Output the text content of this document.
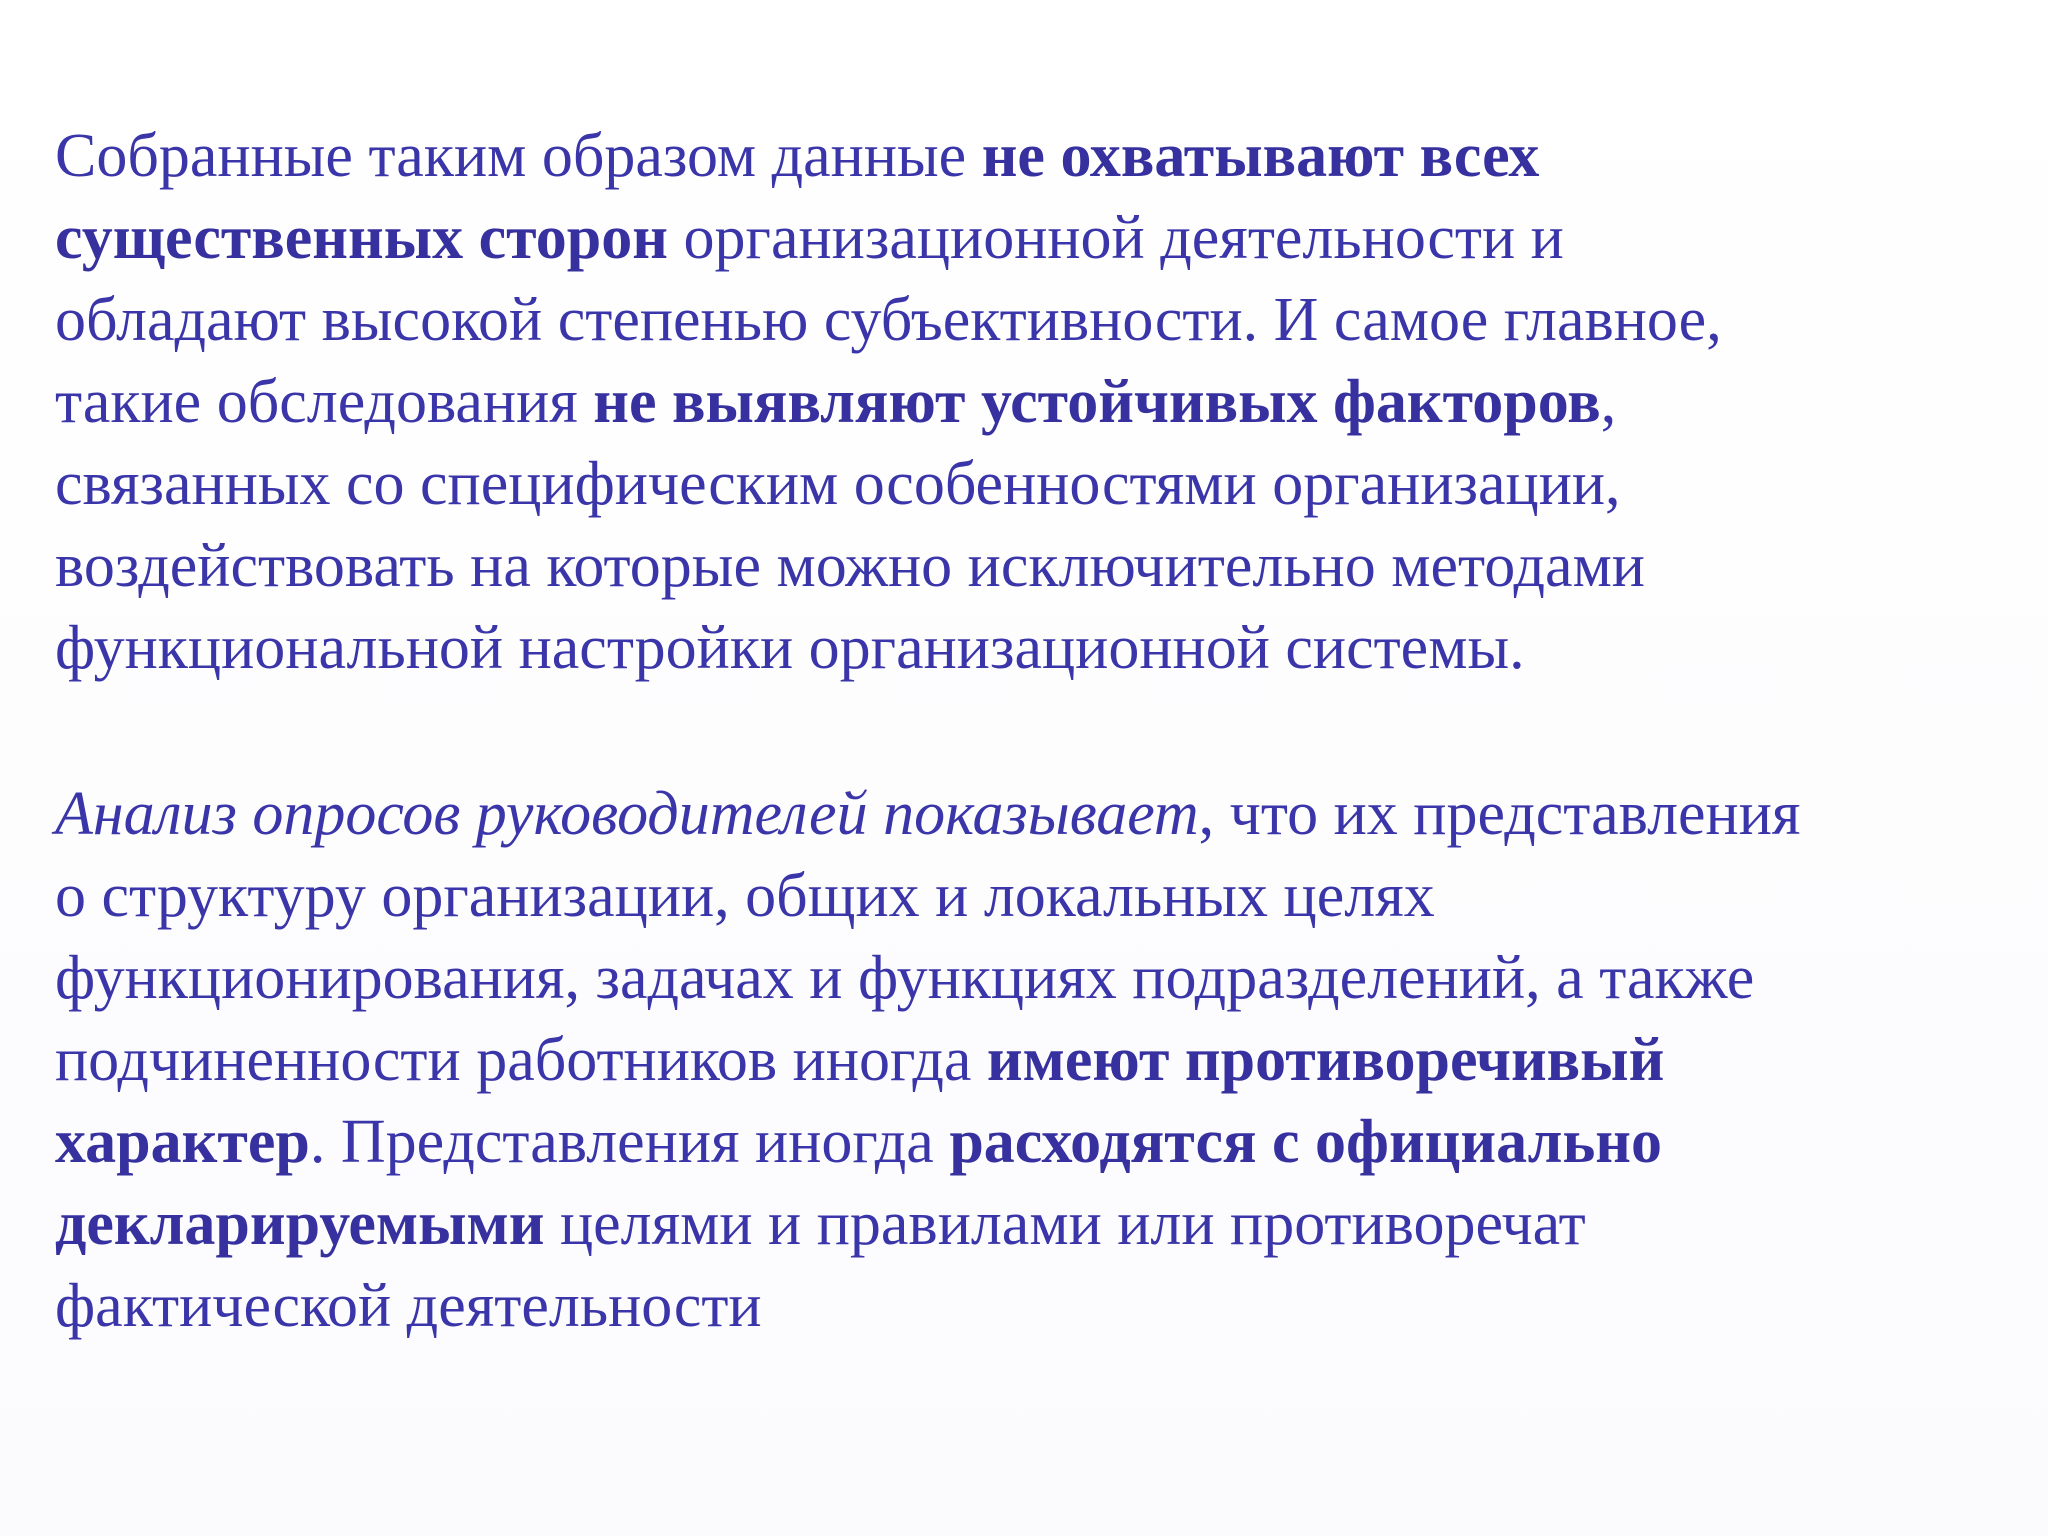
Собранные таким образом данные не охватывают всех
существенных сторон организационной деятельности и
обладают высокой степенью субъективности. И самое главное,
такие обследования не выявляют устойчивых факторов,
связанных со специфическим особенностями организации,
воздействовать на которые можно исключительно методами
функциональной настройки организационной системы.
Анализ опросов руководителей показывает, что их представления
о структуру организации, общих и локальных целях
функционирования, задачах и функциях подразделений, а также
подчиненности работников иногда имеют противоречивый
характер. Представления иногда расходятся с официально
декларируемыми целями и правилами или противоречат
фактической деятельности
